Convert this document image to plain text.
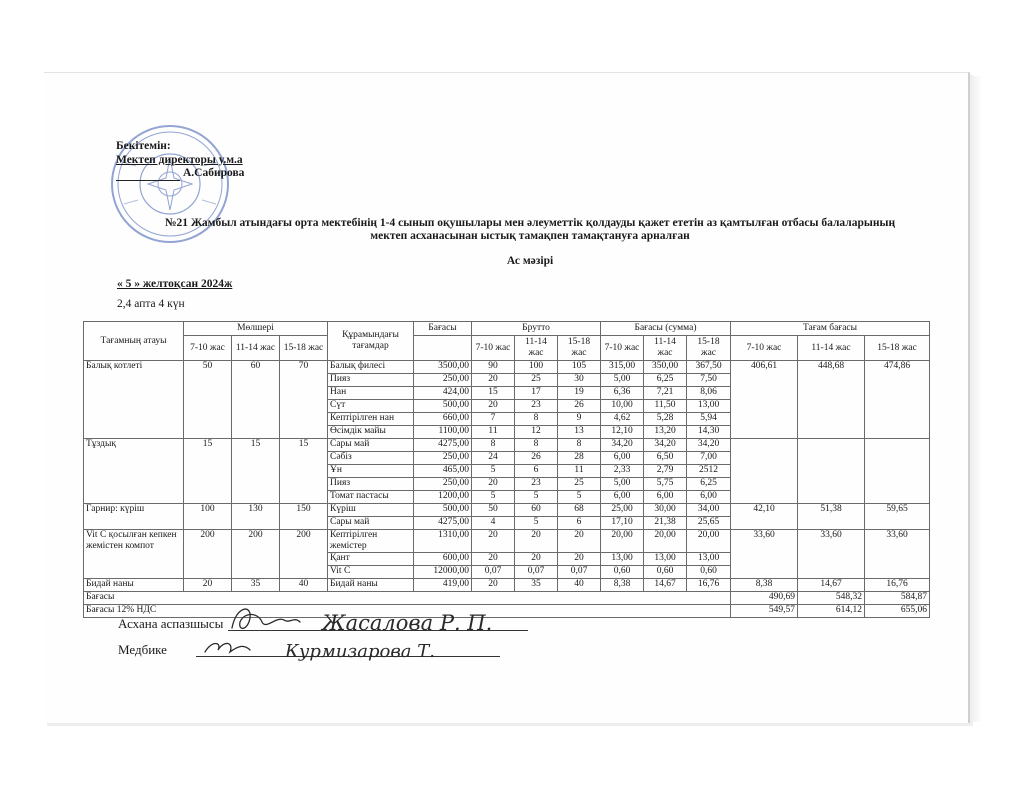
Бекітемін:
Мектеп директоры у.м.а
А.Сабирова
№21 Жамбыл атындағы орта мектебінің 1-4 сынып оқушылары мен әлеуметтік қолдауды қажет ететін аз қамтылған отбасы балаларының
мектеп асханасынан ыстық тамақпен тамақтануға арналған
Ас мәзірі
« 5 » желтоқсан 2024ж
2,4 апта 4 күн
Тағамның атауы	Мөлшері			Құрамындағы тағамдар	Бағасы	Брутто			Бағасы (сумма)			Тағам бағасы		
	7-10 жас	11-14 жас	15-18 жас			7-10 жас	11-14 жас	15-18 жас	7-10 жас	11-14 жас	15-18 жас	7-10 жас	11-14 жас	15-18 жас
Балық котлеті	50	60	70	Балық филесі	3500,00	90	100	105	315,00	350,00	367,50	406,61	448,68	474,86
				Пияз	250,00	20	25	30	5,00	6,25	7,50			
				Нан	424,00	15	17	19	6,36	7,21	8,06			
				Сүт	500,00	20	23	26	10,00	11,50	13,00			
				Кептірілген нан	660,00	7	8	9	4,62	5,28	5,94			
				Өсімдік майы	1100,00	11	12	13	12,10	13,20	14,30			
Тұздық	15	15	15	Сары май	4275,00	8	8	8	34,20	34,20	34,20			
				Сәбіз	250,00	24	26	28	6,00	6,50	7,00			
				Ұн	465,00	5	6	11	2,33	2,79	2512			
				Пияз	250,00	20	23	25	5,00	5,75	6,25			
				Томат пастасы	1200,00	5	5	5	6,00	6,00	6,00			
Гарнир: күріш	100	130	150	Күріш	500,00	50	60	68	25,00	30,00	34,00	42,10	51,38	59,65
				Сары май	4275,00	4	5	6	17,10	21,38	25,65			
Vit C қосылған кепкен жемістен компот	200	200	200	Кептірілген жемістер	1310,00	20	20	20	20,00	20,00	20,00	33,60	33,60	33,60
				Қант	600,00	20	20	20	13,00	13,00	13,00			
				Vit C	12000,00	0,07	0,07	0,07	0,60	0,60	0,60			
Бидай наны	20	35	40	Бидай наны	419,00	20	35	40	8,38	14,67	16,76	8,38	14,67	16,76
Бағасы												490,69	548,32	584,87
Бағасы 12% НДС												549,57	614,12	655,06
Асхана аспазшысы
Медбике
Жасалова Р. П.
Курмизарова Т.
